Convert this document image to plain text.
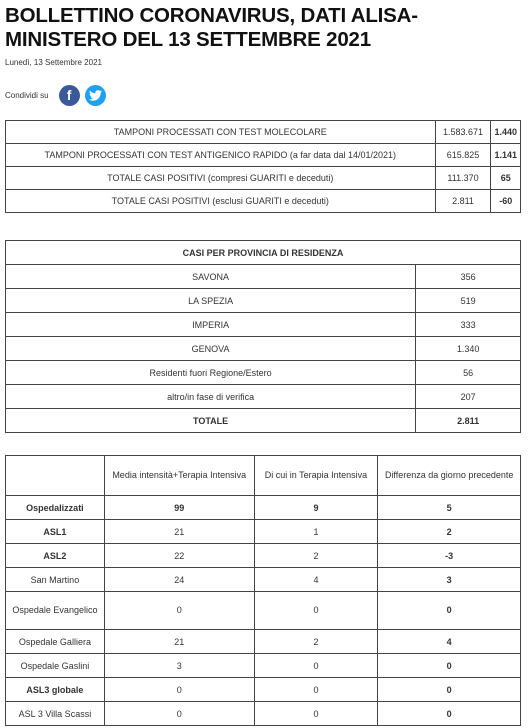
BOLLETTINO CORONAVIRUS, DATI ALISA-MINISTERO DEL 13 SETTEMBRE 2021
Lunedì, 13 Settembre 2021
Condividi su	f
TAMPONI PROCESSATI CON TEST MOLECOLARE	1.583.671	1.440
TAMPONI PROCESSATI CON TEST ANTIGENICO RAPIDO (a far data dal 14/01/2021)	615.825	1.141
TOTALE CASI POSITIVI (compresi GUARITI e deceduti)	111.370	65
TOTALE CASI POSITIVI (esclusi GUARITI e deceduti)	2.811	-60
CASI PER PROVINCIA DI RESIDENZA	
SAVONA	356
LA SPEZIA	519
IMPERIA	333
GENOVA	1.340
Residenti fuori Regione/Estero	56
altro/in fase di verifica	207
TOTALE	2.811
	Media intensità+Terapia Intensiva	Di cui in Terapia Intensiva	Differenza da giorno precedente
Ospedalizzati	99	9	5
ASL1	21	1	2
ASL2	22	2	-3
San Martino	24	4	3
Ospedale Evangelico	0	0	0
Ospedale Galliera	21	2	4
Ospedale Gaslini	3	0	0
ASL3 globale	0	0	0
ASL 3 Villa Scassi	0	0	0
